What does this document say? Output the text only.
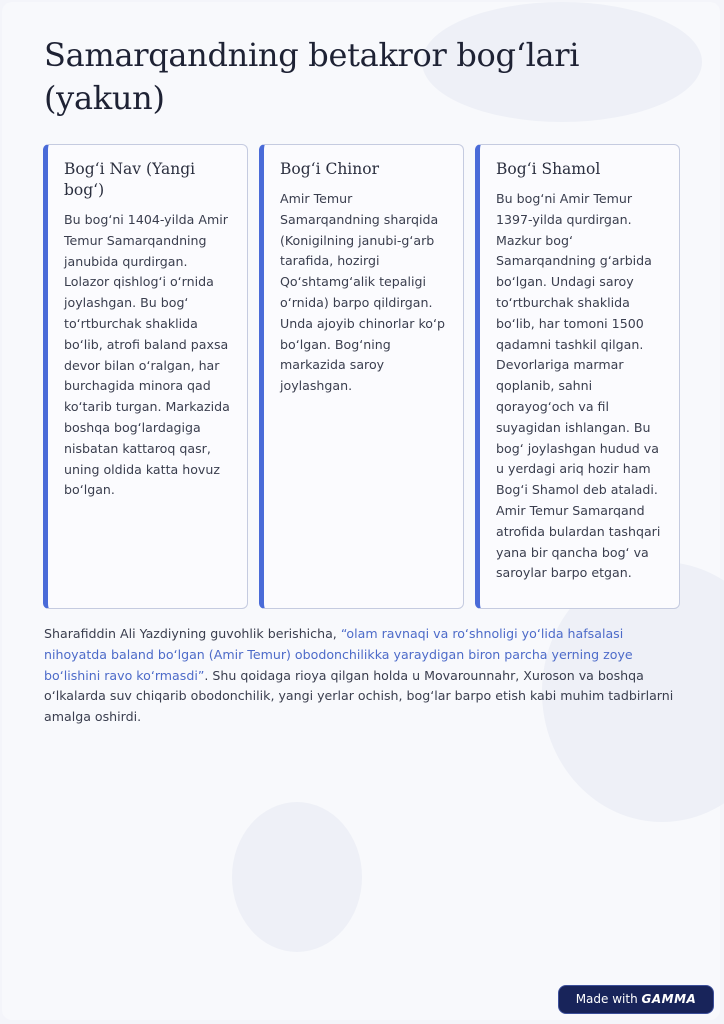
Samarqandning betakror bog‘lari (yakun)
Bog‘i Nav (Yangi bog‘)

Bu bog‘ni 1404-yilda Amir Temur Samarqandning janubida qurdirgan. Lolazor qishlog‘i o‘rnida joylashgan. Bu bog‘ to‘rtburchak shaklida bo‘lib, atrofi baland paxsa devor bilan o‘ralgan, har burchagida minora qad ko‘tarib turgan. Markazida boshqa bog‘lardagiga nisbatan kattaroq qasr, uning oldida katta hovuz bo‘lgan.

Bog‘i Chinor

Amir Temur Samarqandning sharqida (Konigilning janubi-g‘arb tarafida, hozirgi Qo‘shtamg‘alik tepaligi o‘rnida) barpo qildirgan. Unda ajoyib chinorlar ko‘p bo‘lgan. Bog‘ning markazida saroy joylashgan.

Bog‘i Shamol

Bu bog‘ni Amir Temur 1397-yilda qurdirgan. Mazkur bog‘ Samarqandning g‘arbida bo‘lgan. Undagi saroy to‘rtburchak shaklida bo‘lib, har tomoni 1500 qadamni tashkil qilgan. Devorlariga marmar qoplanib, sahni qorayog‘och va fil suyagidan ishlangan. Bu bog‘ joylashgan hudud va u yerdagi ariq hozir ham Bog‘i Shamol deb ataladi. Amir Temur Samarqand atrofida bulardan tashqari yana bir qancha bog‘ va saroylar barpo etgan.

Sharafiddin Ali Yazdiyning guvohlik berishicha, “olam ravnaqi va ro‘shnoligi yo‘lida hafsalasi nihoyatda baland bo‘lgan (Amir Temur) obodonchilikka yaraydigan biron parcha yerning zoye bo‘lishini ravo ko‘rmasdi”. Shu qoidaga rioya qilgan holda u Movarounnahr, Xuroson va boshqa o‘lkalarda suv chiqarib obodonchilik, yangi yerlar ochish, bog‘lar barpo etish kabi muhim tadbirlarni amalga oshirdi.

Made with GAMMA
